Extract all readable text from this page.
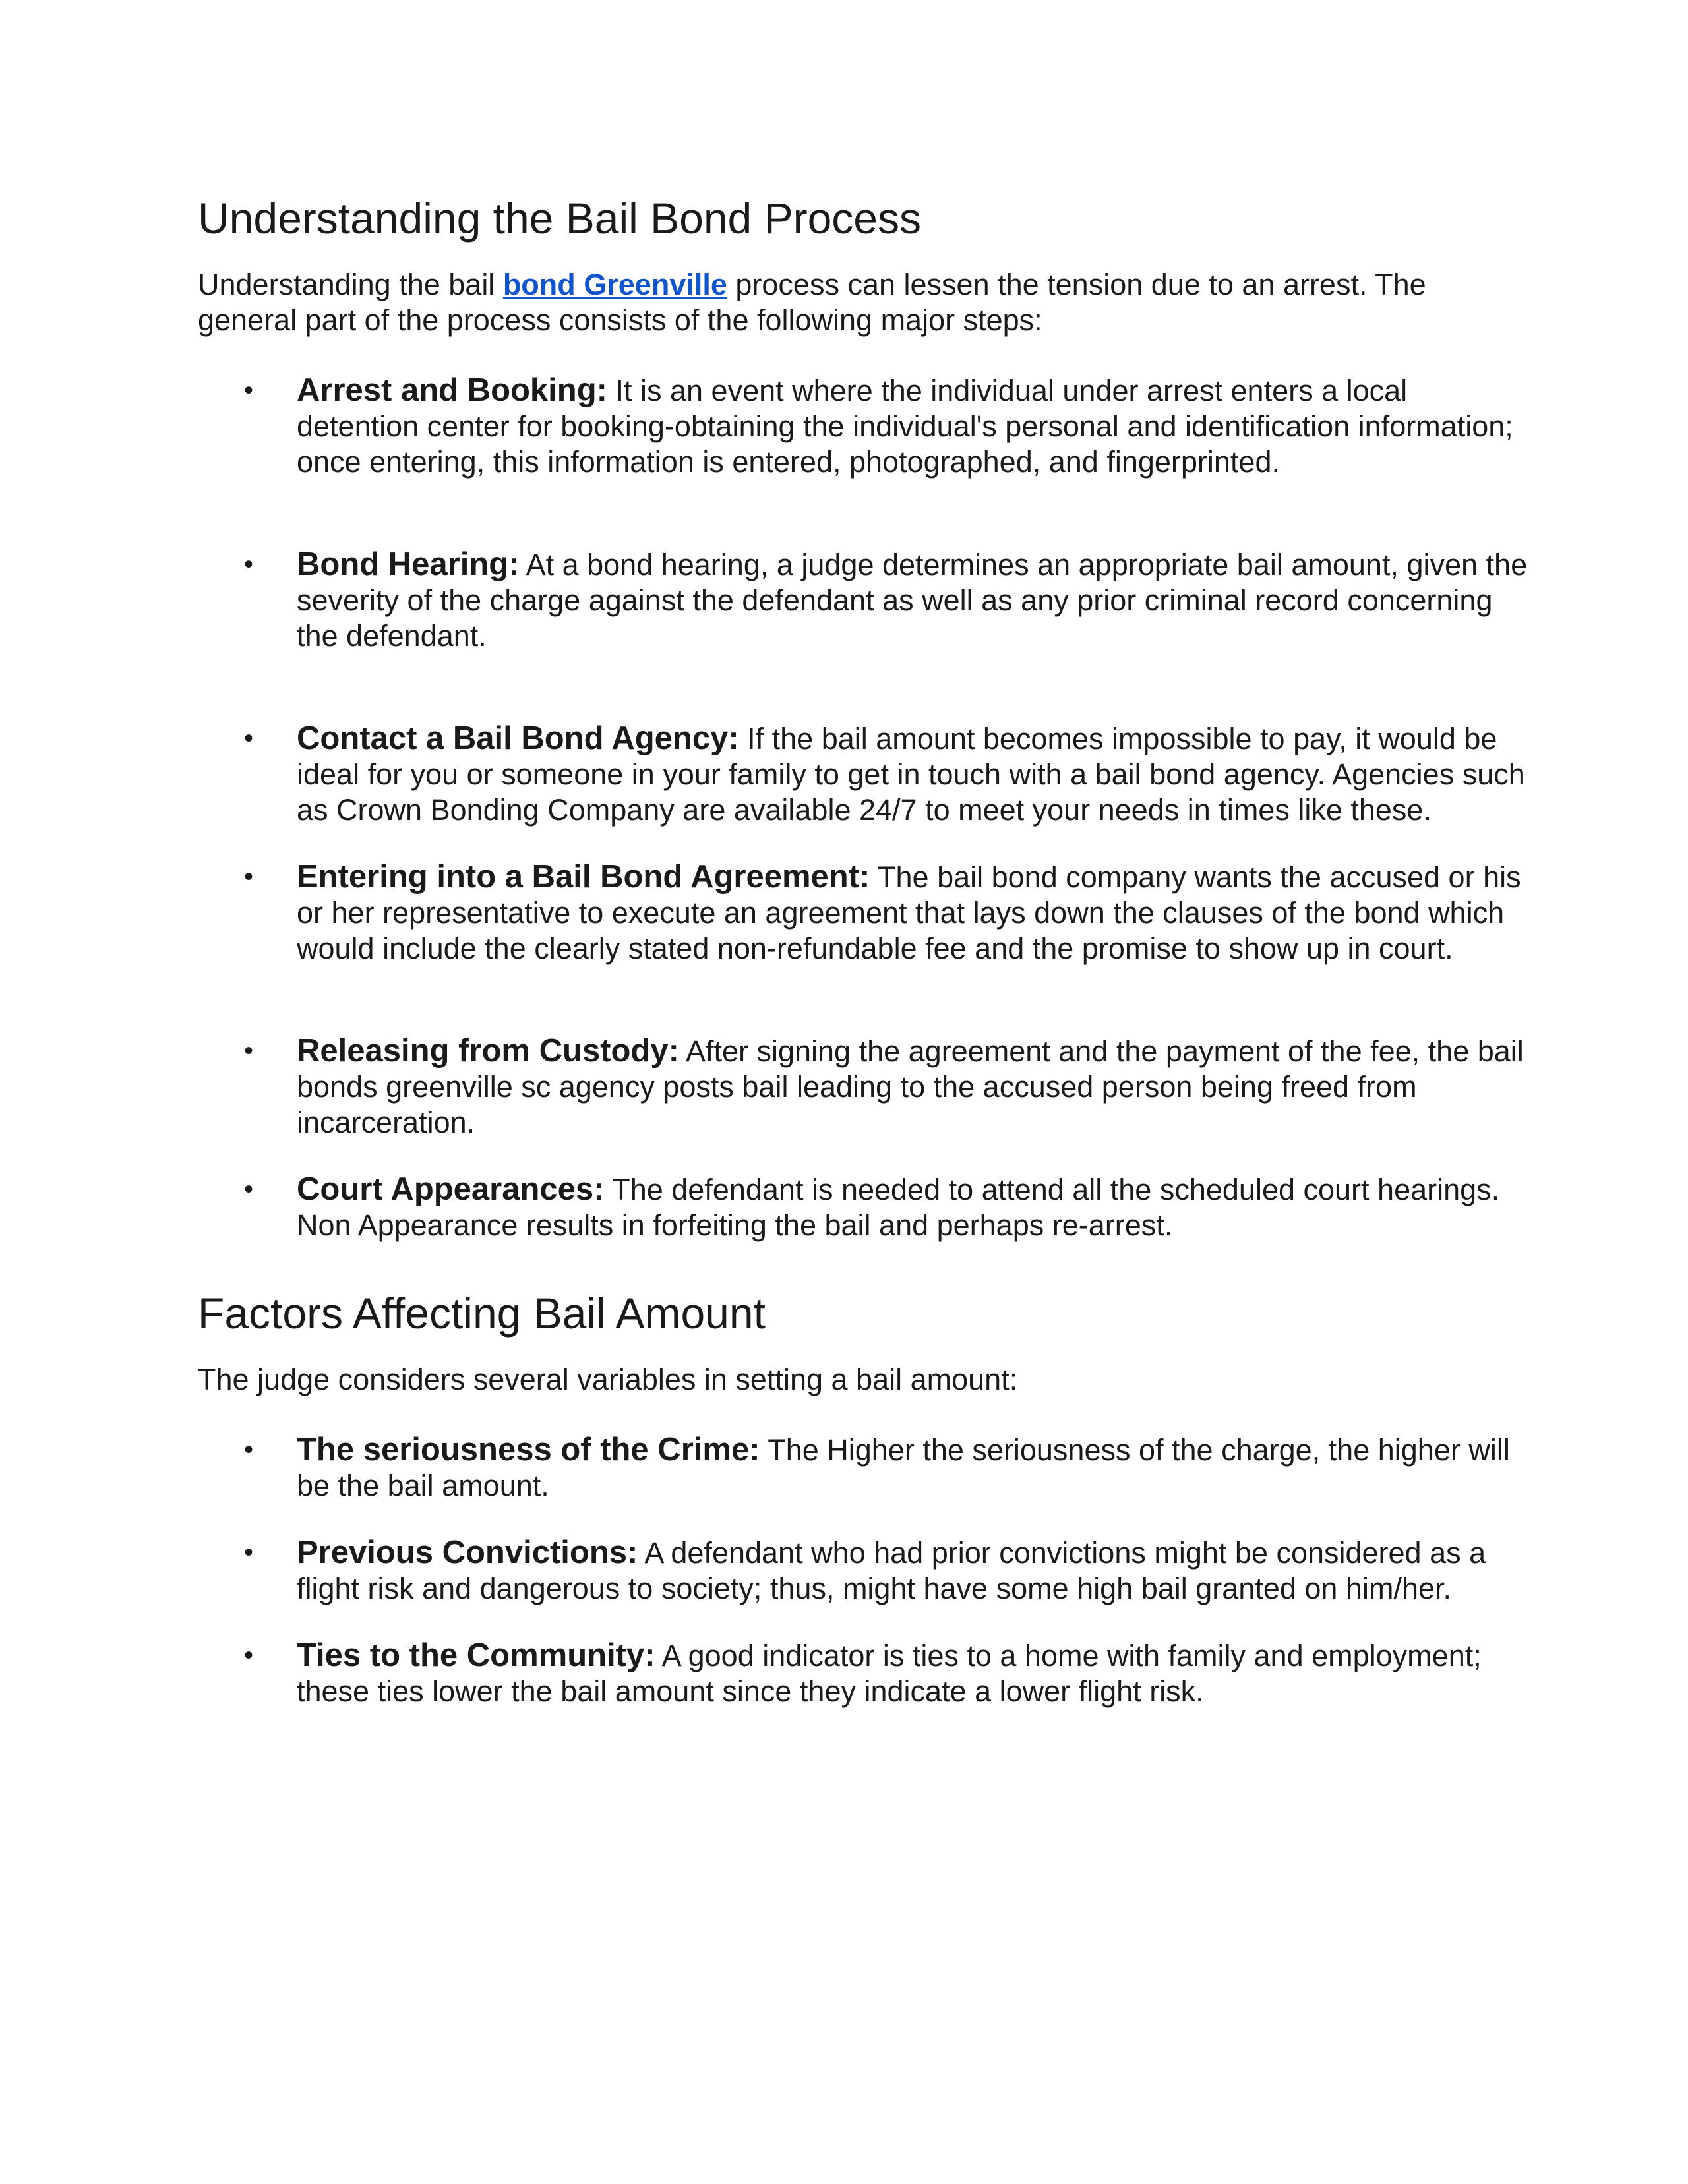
Understanding the Bail Bond Process

Understanding the bail bond Greenville process can lessen the tension due to an arrest. The general part of the process consists of the following major steps:

• Arrest and Booking: It is an event where the individual under arrest enters a local detention center for booking-obtaining the individual's personal and identification information; once entering, this information is entered, photographed, and fingerprinted.
• Bond Hearing: At a bond hearing, a judge determines an appropriate bail amount, given the severity of the charge against the defendant as well as any prior criminal record concerning the defendant.
• Contact a Bail Bond Agency: If the bail amount becomes impossible to pay, it would be ideal for you or someone in your family to get in touch with a bail bond agency. Agencies such as Crown Bonding Company are available 24/7 to meet your needs in times like these.
• Entering into a Bail Bond Agreement: The bail bond company wants the accused or his or her representative to execute an agreement that lays down the clauses of the bond which would include the clearly stated non-refundable fee and the promise to show up in court.
• Releasing from Custody: After signing the agreement and the payment of the fee, the bail bonds greenville sc agency posts bail leading to the accused person being freed from incarceration.
• Court Appearances: The defendant is needed to attend all the scheduled court hearings. Non Appearance results in forfeiting the bail and perhaps re-arrest.
Factors Affecting Bail Amount

The judge considers several variables in setting a bail amount:

• The seriousness of the Crime: The Higher the seriousness of the charge, the higher will be the bail amount.
• Previous Convictions: A defendant who had prior convictions might be considered as a flight risk and dangerous to society; thus, might have some high bail granted on him/her.
• Ties to the Community: A good indicator is ties to a home with family and employment; these ties lower the bail amount since they indicate a lower flight risk.
